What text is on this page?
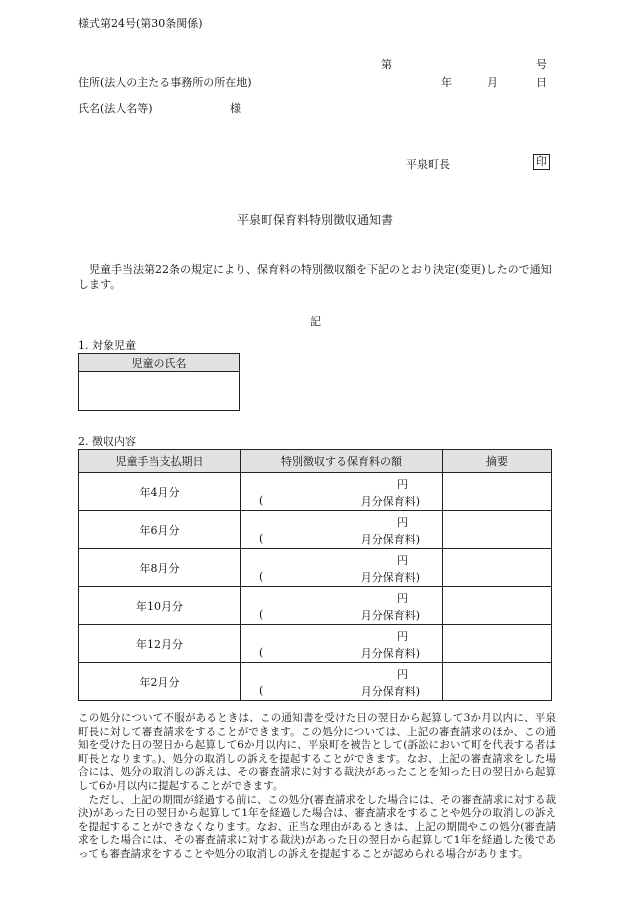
様式第24号(第30条関係)
第	号
住所(法人の主たる事務所の所在地)	年	月	日
氏名(法人名等)	様
平泉町長	印
平泉町保育料特別徴収通知書

児童手当法第22条の規定により、保育料の特別徴収額を下記のとおり決定(変更)したので通知します。

記
1. 対象児童
児童の氏名

2. 徴収内容
児童手当支払期日	特別徴収する保育料の額	摘要
年4月分	円
( 月分保育料)	

年6月分	円
( 月分保育料)	

年8月分	円
( 月分保育料)	

年10月分	円
( 月分保育料)	

年12月分	円
( 月分保育料)	

年2月分	円
( 月分保育料)	

この処分について不服があるときは、この通知書を受けた日の翌日から起算して3か月以内に、平泉町長に対して審査請求をすることができます。この処分については、上記の審査請求のほか、この通知を受けた日の翌日から起算して6か月以内に、平泉町を被告として(訴訟において町を代表する者は町長となります。)、処分の取消しの訴えを提起することができます。なお、上記の審査請求をした場合には、処分の取消しの訴えは、その審査請求に対する裁決があったことを知った日の翌日から起算して6か月以内に提起することができます。

ただし、上記の期間が経過する前に、この処分(審査請求をした場合には、その審査請求に対する裁決)があった日の翌日から起算して1年を経過した場合は、審査請求をすることや処分の取消しの訴えを提起することができなくなります。なお、正当な理由があるときは、上記の期間やこの処分(審査請求をした場合には、その審査請求に対する裁決)があった日の翌日から起算して1年を経過した後であっても審査請求をすることや処分の取消しの訴えを提起することが認められる場合があります。
